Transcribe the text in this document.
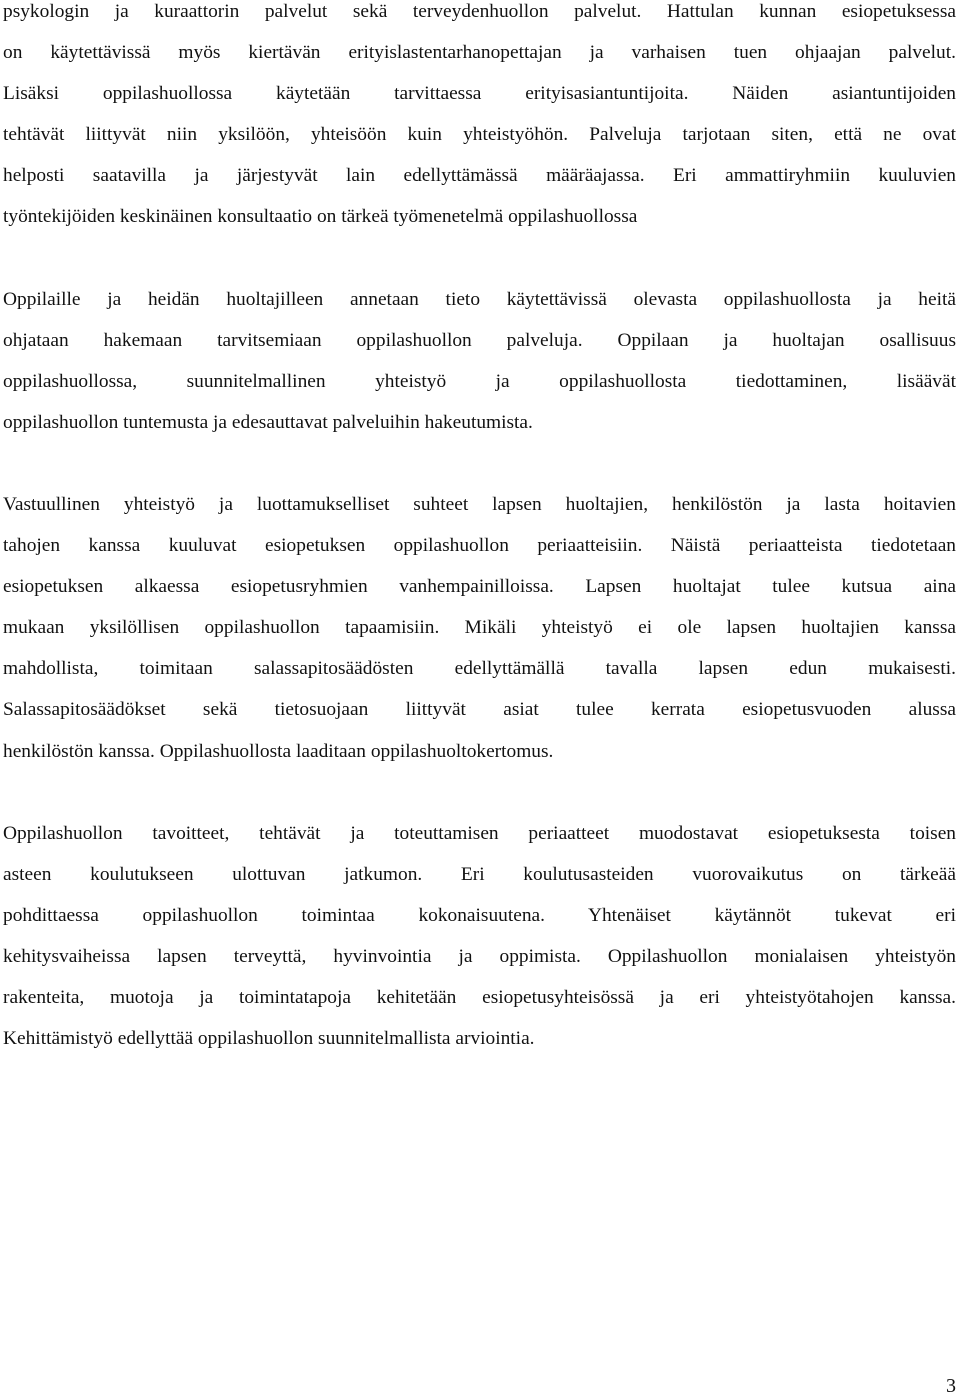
psykologin ja kuraattorin palvelut sekä terveydenhuollon palvelut. Hattulan kunnan esiopetuksessa
on käytettävissä myös kiertävän erityislastentarhanopettajan ja varhaisen tuen ohjaajan palvelut.
Lisäksi oppilashuollossa käytetään tarvittaessa erityisasiantuntijoita. Näiden asiantuntijoiden
tehtävät liittyvät niin yksilöön, yhteisöön kuin yhteistyöhön. Palveluja tarjotaan siten, että ne ovat
helposti saatavilla ja järjestyvät lain edellyttämässä määräajassa. Eri ammattiryhmiin kuuluvien
työntekijöiden keskinäinen konsultaatio on tärkeä työmenetelmä oppilashuollossa

Oppilaille ja heidän huoltajilleen annetaan tieto käytettävissä olevasta oppilashuollosta ja heitä
ohjataan hakemaan tarvitsemiaan oppilashuollon palveluja. Oppilaan ja huoltajan osallisuus
oppilashuollossa, suunnitelmallinen yhteistyö ja oppilashuollosta tiedottaminen, lisäävät
oppilashuollon tuntemusta ja edesauttavat palveluihin hakeutumista.

Vastuullinen yhteistyö ja luottamukselliset suhteet lapsen huoltajien, henkilöstön ja lasta hoitavien
tahojen kanssa kuuluvat esiopetuksen oppilashuollon periaatteisiin. Näistä periaatteista tiedotetaan
esiopetuksen alkaessa esiopetusryhmien vanhempainilloissa. Lapsen huoltajat tulee kutsua aina
mukaan yksilöllisen oppilashuollon tapaamisiin. Mikäli yhteistyö ei ole lapsen huoltajien kanssa
mahdollista, toimitaan salassapitosäädösten edellyttämällä tavalla lapsen edun mukaisesti.
Salassapitosäädökset sekä tietosuojaan liittyvät asiat tulee kerrata esiopetusvuoden alussa
henkilöstön kanssa. Oppilashuollosta laaditaan oppilashuoltokertomus.

Oppilashuollon tavoitteet, tehtävät ja toteuttamisen periaatteet muodostavat esiopetuksesta toisen
asteen koulutukseen ulottuvan jatkumon. Eri koulutusasteiden vuorovaikutus on tärkeää
pohdittaessa oppilashuollon toimintaa kokonaisuutena. Yhtenäiset käytännöt tukevat eri
kehitysvaiheissa lapsen terveyttä, hyvinvointia ja oppimista. Oppilashuollon monialaisen yhteistyön
rakenteita, muotoja ja toimintatapoja kehitetään esiopetusyhteisössä ja eri yhteistyötahojen kanssa.
Kehittämistyö edellyttää oppilashuollon suunnitelmallista arviointia.

3
